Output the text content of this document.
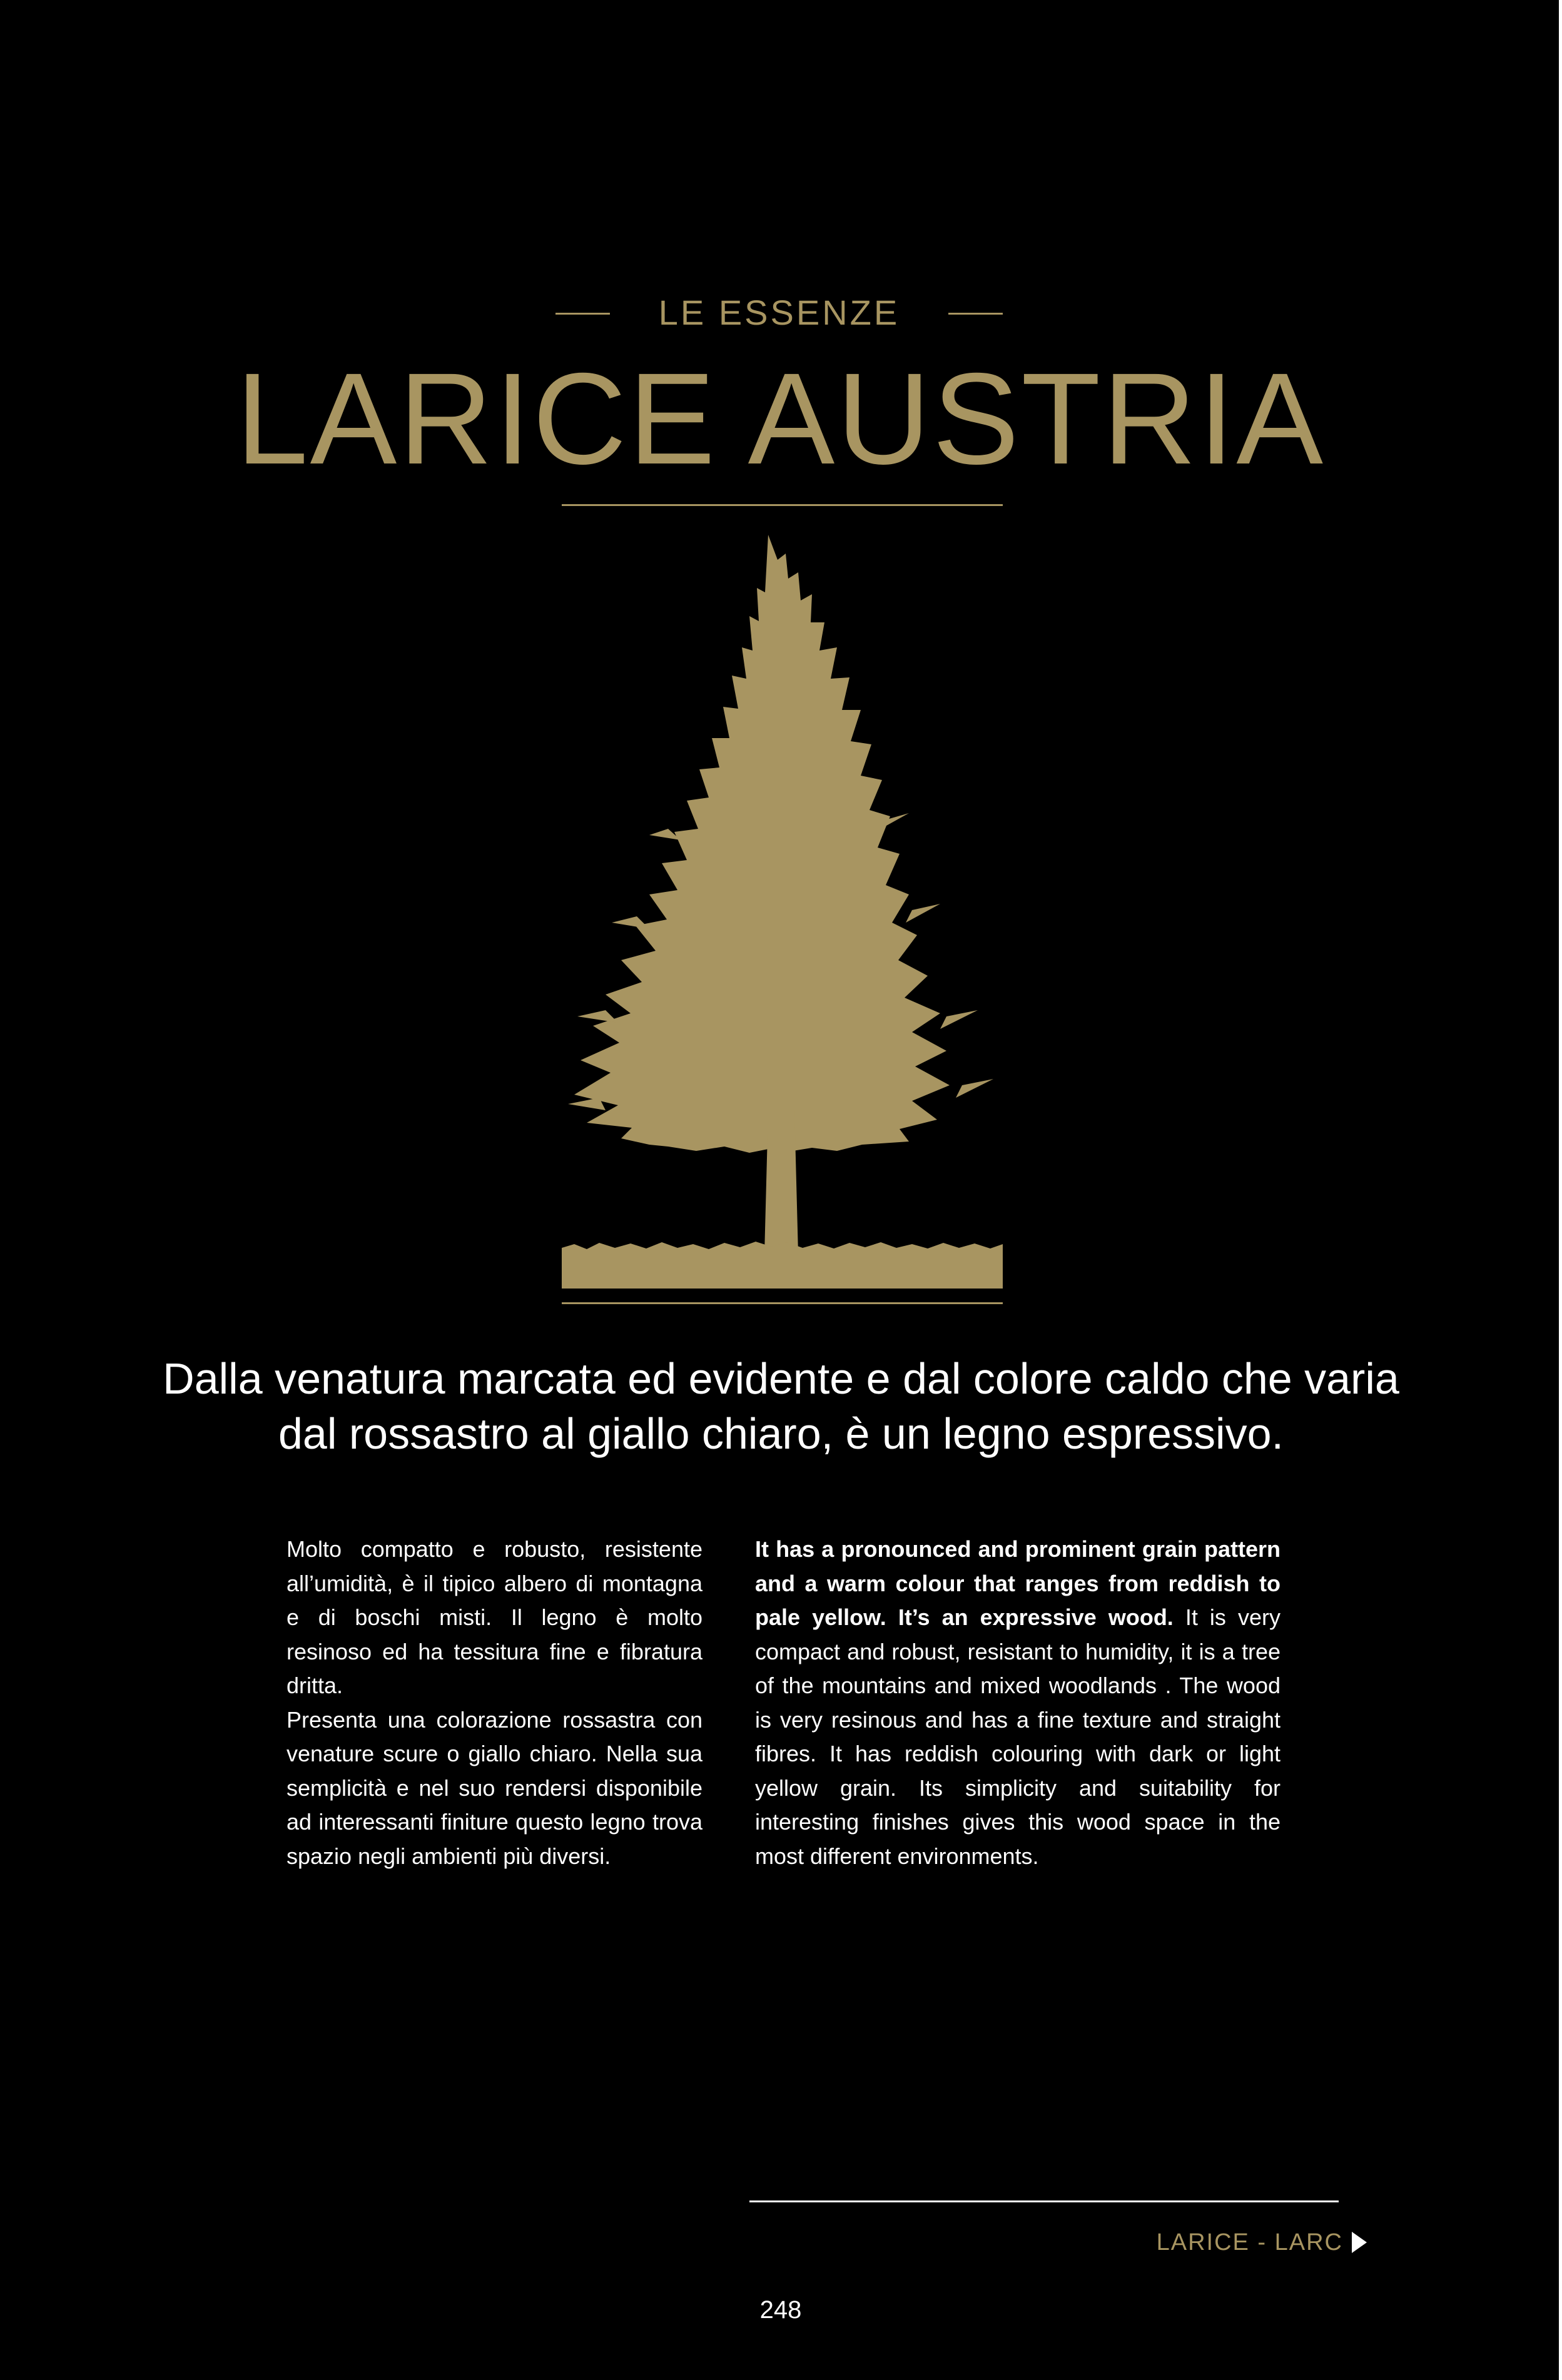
LE ESSENZE
LARICE AUSTRIA
Dalla venatura marcata ed evidente e dal colore caldo che varia
dal rossastro al giallo chiaro, è un legno espressivo.

Molto compatto e robusto, resistente all’umidità, è il tipico albero di montagna e di boschi misti. Il legno è molto resinoso ed ha tessitura fine e fibratura dritta.

Presenta una colorazione rossastra con venature scure o giallo chiaro. Nella sua semplicità e nel suo rendersi disponibile ad interessanti finiture questo legno trova spazio negli ambienti più diversi.

It has a pronounced and prominent grain pattern and a warm colour that ranges from reddish to pale yellow. It’s an expressive wood. It is very compact and robust, resistant to humidity, it is a tree of the mountains and mixed woodlands . The wood is very resinous and has a fine texture and straight fibres. It has reddish colouring with dark or light yellow grain. Its simplicity and suitability for interesting finishes gives this wood space in the most different environments.

LARICE - LARC
248
